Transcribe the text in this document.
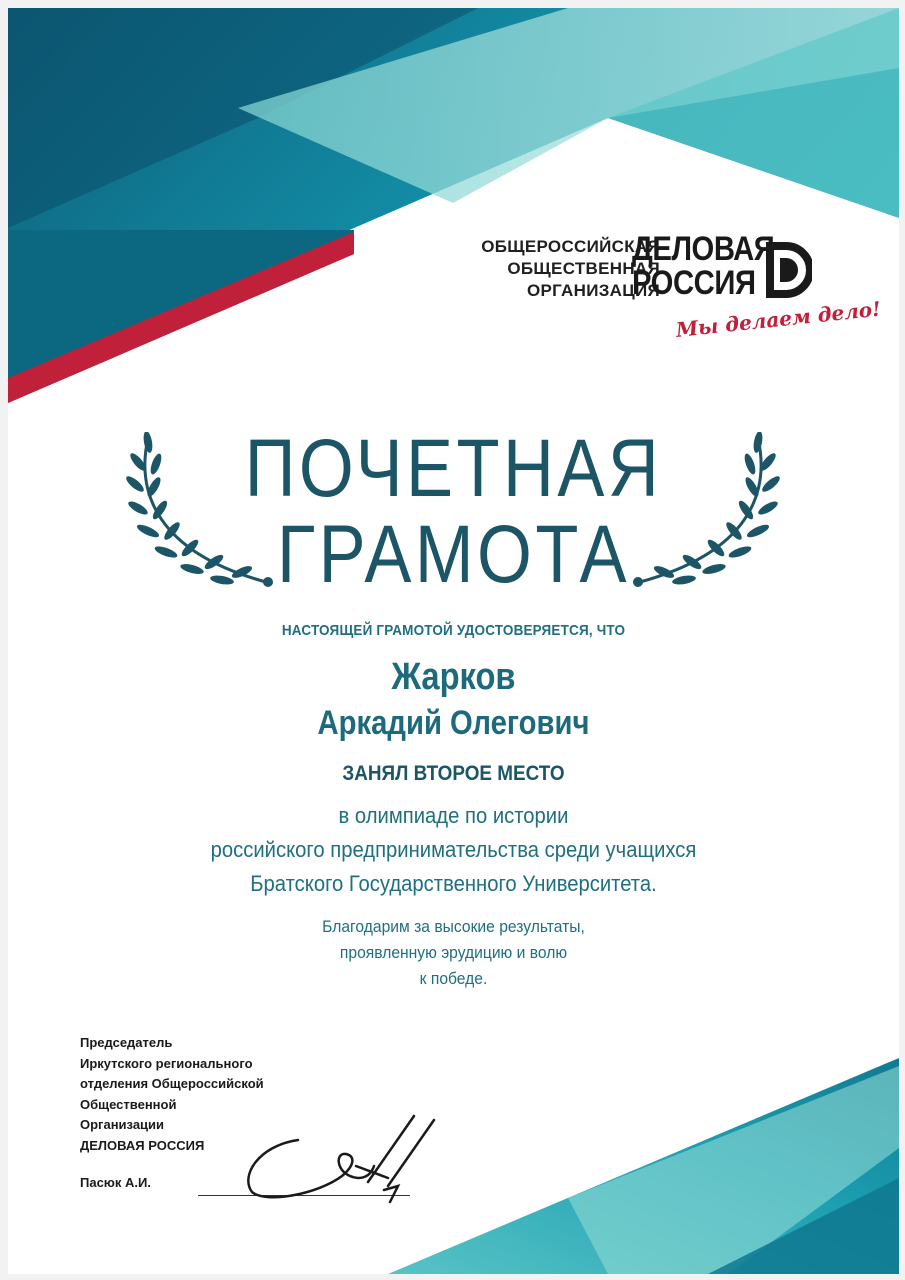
ОБЩЕРОССИЙСКАЯ
ОБЩЕСТВЕННАЯ
ОРГАНИЗАЦИЯ
ДЕЛОВАЯ
РОССИЯ
Мы делаем дело!
ПОЧЕТНАЯ
ГРАМОТА
НАСТОЯЩЕЙ ГРАМОТОЙ УДОСТОВЕРЯЕТСЯ, ЧТО
Жарков
Аркадий Олегович
ЗАНЯЛ ВТОРОЕ МЕСТО
в олимпиаде по истории
российского предпринимательства среди учащихся
Братского Государственного Университета.
Благодарим за высокие результаты,
проявленную эрудицию и волю
к победе.
Председатель
Иркутского регионального
отделения Общероссийской
Общественной
Организации
ДЕЛОВАЯ РОССИЯ
Пасюк А.И.
